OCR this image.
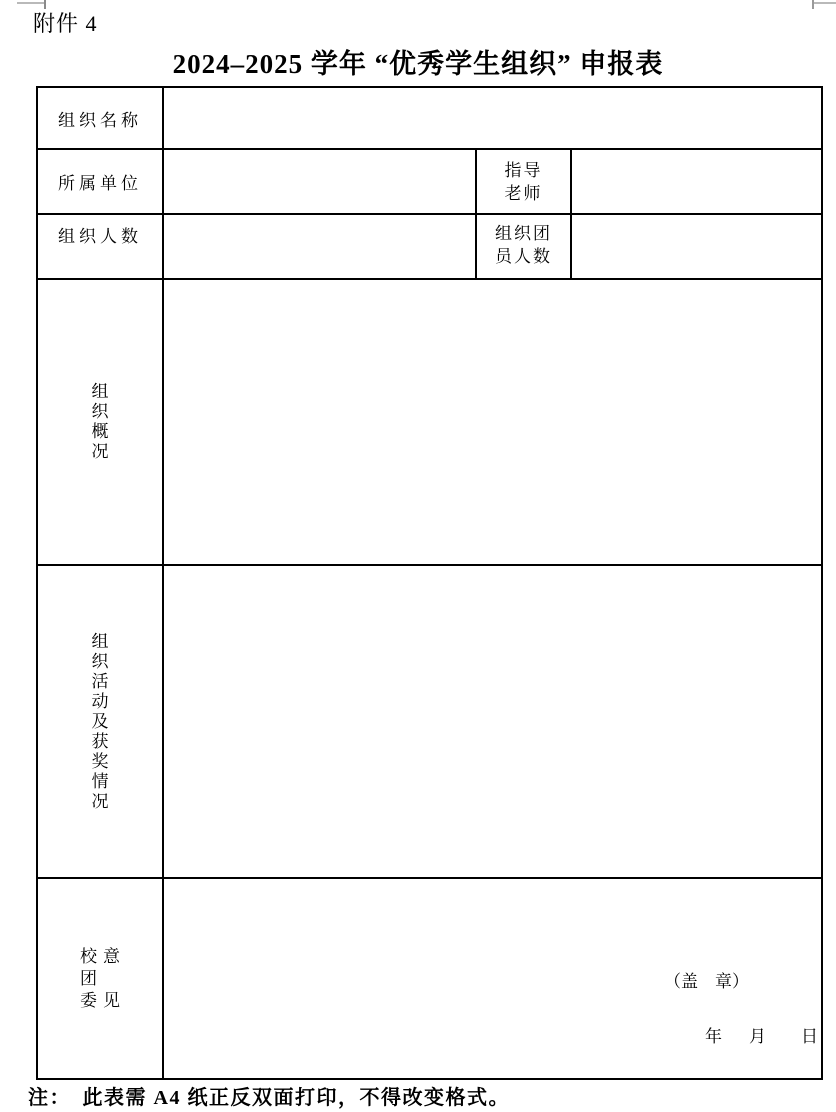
附件 4
2024–2025 学年 “优秀学生组织” 申报表
组织名称			
所属单位		指导
老师	

组织人数		组织团
员人数	

组织概况			

组织活动及获奖情况			

校团委
意
见

（盖　章）
年 月 日
注：　此表需 A4 纸正反双面打印，不得改变格式。
